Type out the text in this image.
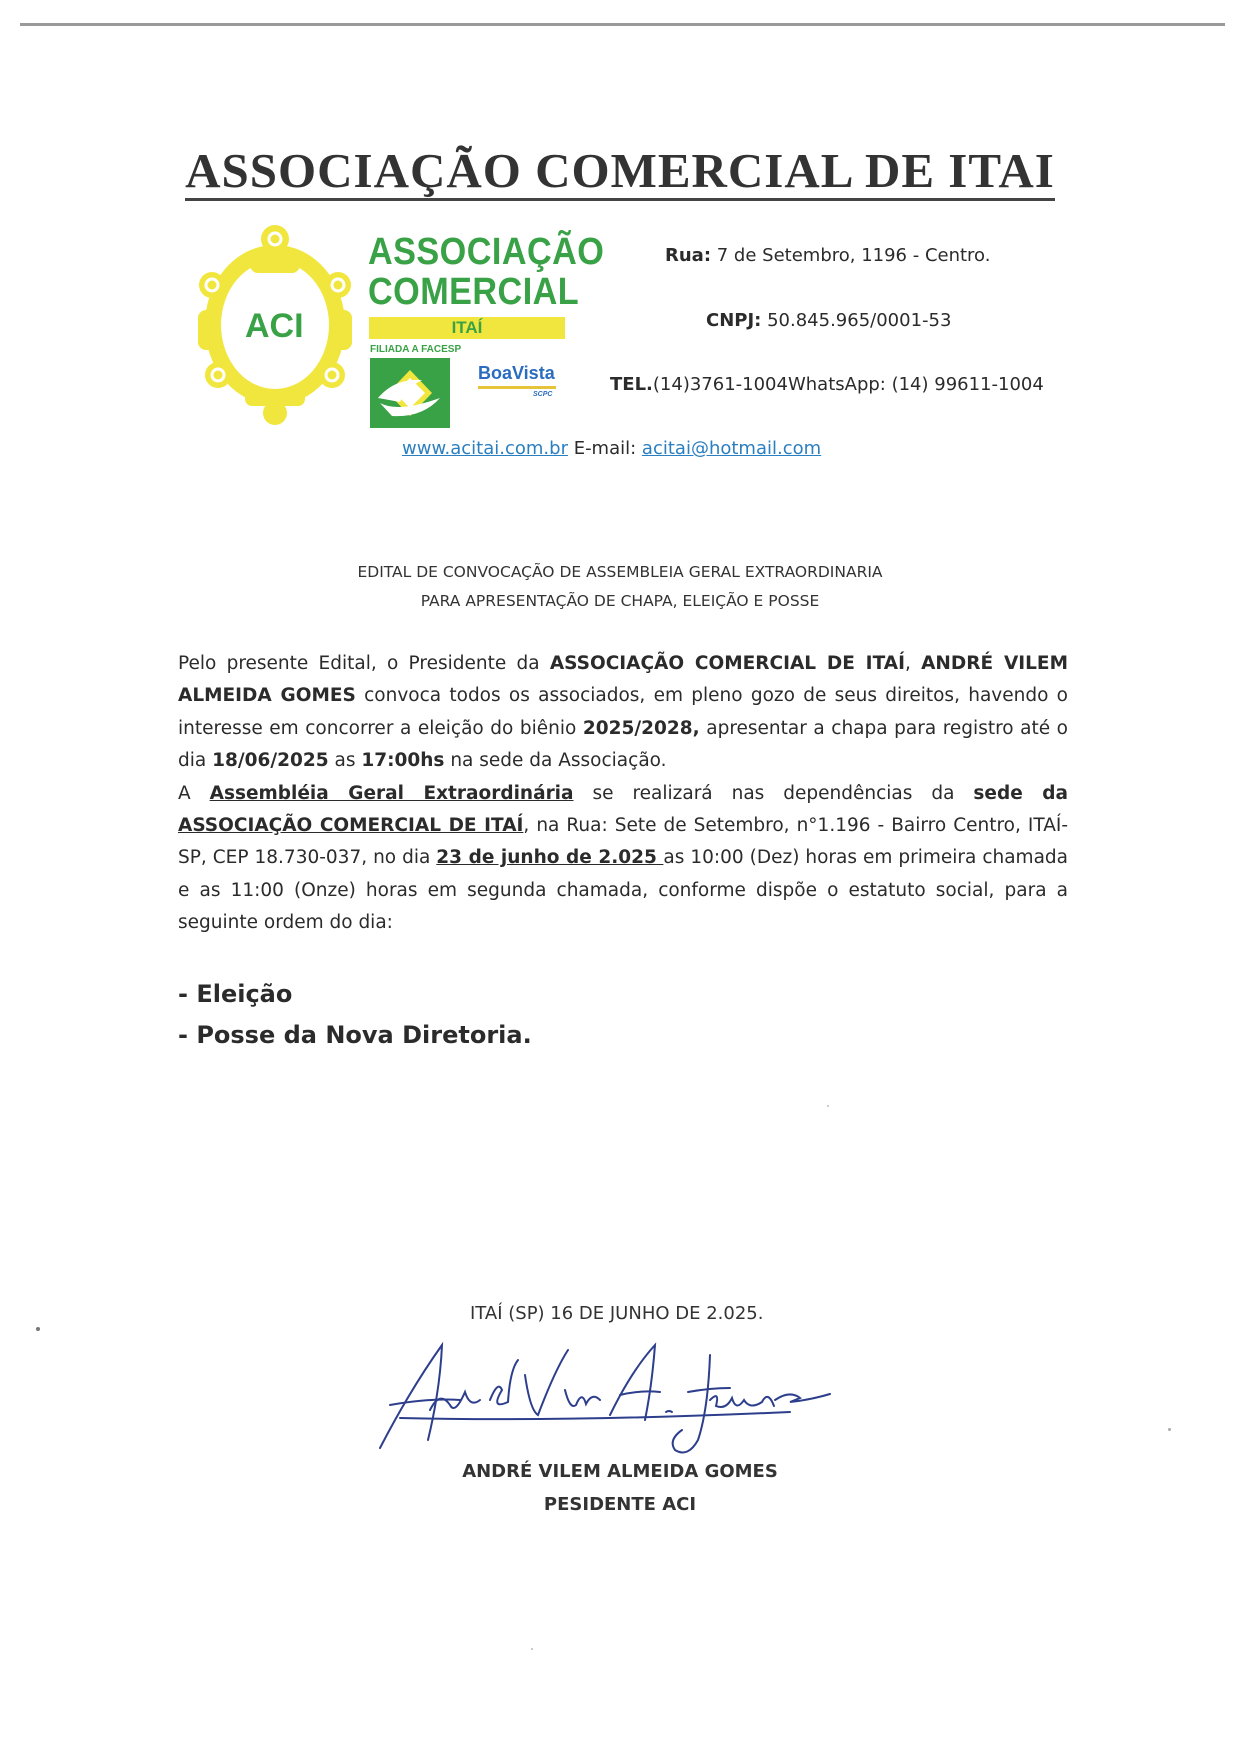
ASSOCIAÇÃO COMERCIAL DE ITAI
ACI
ASSOCIAÇÃO
COMERCIAL
ITAÍ
FILIADA A FACESP
BoaVista
SCPC
Rua: 7 de Setembro, 1196 - Centro.
CNPJ: 50.845.965/0001-53
TEL.(14)3761-1004WhatsApp: (14) 99611-1004
www.acitai.com.br E-mail: acitai@hotmail.com
EDITAL DE CONVOCAÇÃO DE ASSEMBLEIA GERAL EXTRAORDINARIA
PARA APRESENTAÇÃO DE CHAPA, ELEIÇÃO E POSSE

Pelo presente Edital, o Presidente da ASSOCIAÇÃO COMERCIAL DE ITAÍ, ANDRÉ VILEM ALMEIDA GOMES convoca todos os associados, em pleno gozo de seus direitos, havendo o interesse em concorrer a eleição do biênio 2025/2028, apresentar a chapa para registro até o dia 18/06/2025 as 17:00hs na sede da Associação.

A Assembléia Geral Extraordinária se realizará nas dependências da sede da ASSOCIAÇÃO COMERCIAL DE ITAÍ, na Rua: Sete de Setembro, n°1.196 - Bairro Centro, ITAÍ-SP, CEP 18.730-037, no dia 23 de junho de 2.025 as 10:00 (Dez) horas em primeira chamada e as 11:00 (Onze) horas em segunda chamada, conforme dispõe o estatuto social, para a seguinte ordem do dia:

- Eleição
- Posse da Nova Diretoria.
ITAÍ (SP) 16 DE JUNHO DE 2.025.
ANDRÉ VILEM ALMEIDA GOMES
PESIDENTE ACI
